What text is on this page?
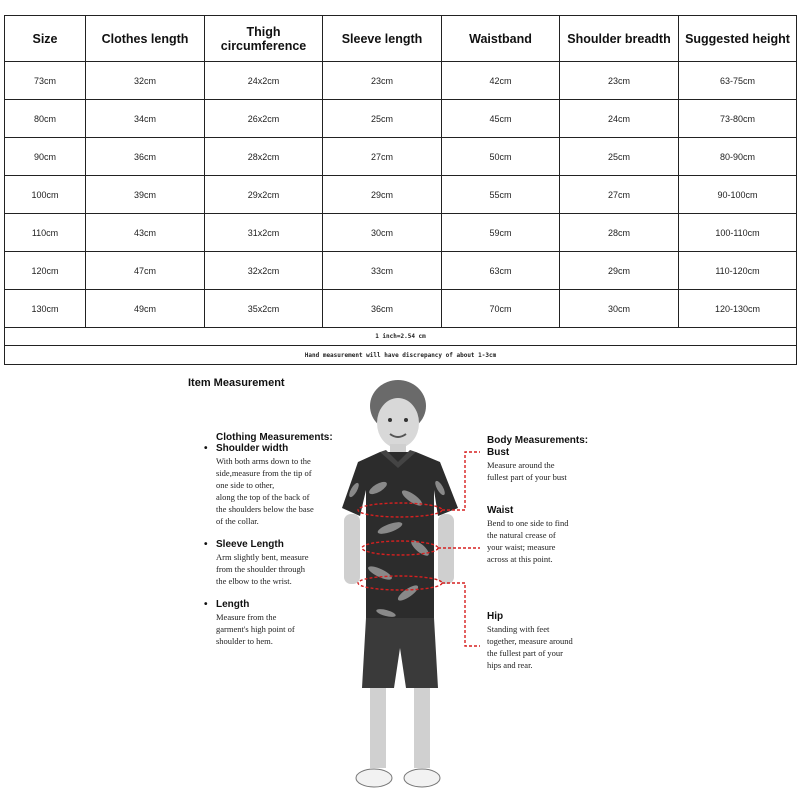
Size	Clothes length	Thigh circumference	Sleeve length	Waistband	Shoulder breadth	Suggested height
73cm	32cm	24x2cm	23cm	42cm	23cm	63-75cm
80cm	34cm	26x2cm	25cm	45cm	24cm	73-80cm
90cm	36cm	28x2cm	27cm	50cm	25cm	80-90cm
100cm	39cm	29x2cm	29cm	55cm	27cm	90-100cm
110cm	43cm	31x2cm	30cm	59cm	28cm	100-110cm
120cm	47cm	32x2cm	33cm	63cm	29cm	110-120cm
130cm	49cm	35x2cm	36cm	70cm	30cm	120-130cm
1 inch=2.54 cm						
Hand measurement will have discrepancy of about 1-3cm						
Item Measurement
Clothing Measurements:
• Shoulder width
With both arms down to the
side,measure from the tip of
one side to other,
along the top of the back of
the shoulders below the base
of the collar.
• Sleeve Length
Arm slightly bent, measure
from the shoulder through
the elbow to the wrist.
• Length
Measure from the
garment's high point of
shoulder to hem.
Body Measurements:
Bust
Measure around the
fullest part of your bust
Waist
Bend to one side to find
the natural crease of
your waist; measure
across at this point.
Hip
Standing with feet
together, measure around
the fullest part of your
hips and rear.
